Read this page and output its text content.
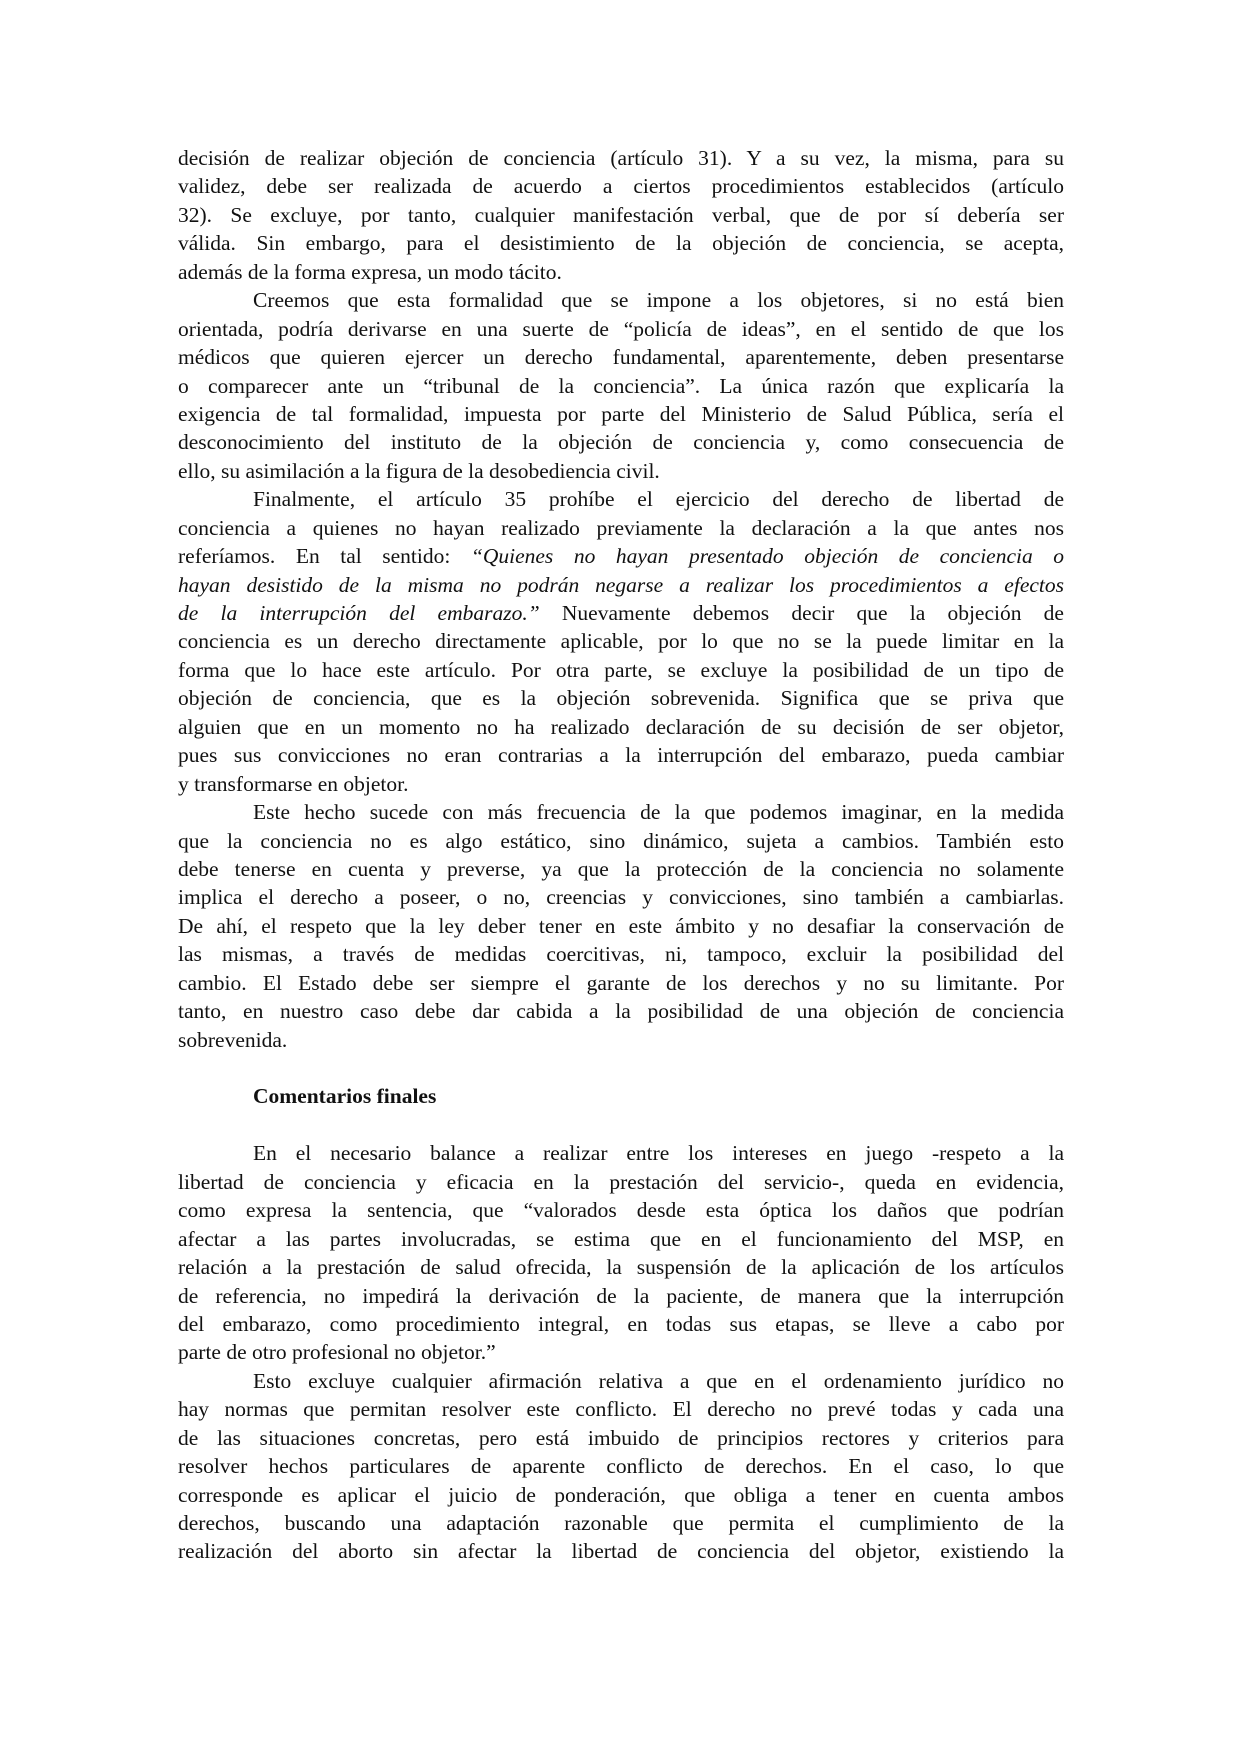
decisión de realizar objeción de conciencia (artículo 31). Y a su vez, la misma, para su
validez, debe ser realizada de acuerdo a ciertos procedimientos establecidos (artículo
32). Se excluye, por tanto, cualquier manifestación verbal, que de por sí debería ser
válida. Sin embargo, para el desistimiento de la objeción de conciencia, se acepta,
además de la forma expresa, un modo tácito.
Creemos que esta formalidad que se impone a los objetores, si no está bien
orientada, podría derivarse en una suerte de “policía de ideas”, en el sentido de que los
médicos que quieren ejercer un derecho fundamental, aparentemente, deben presentarse
o comparecer ante un “tribunal de la conciencia”. La única razón que explicaría la
exigencia de tal formalidad, impuesta por parte del Ministerio de Salud Pública, sería el
desconocimiento del instituto de la objeción de conciencia y, como consecuencia de
ello, su asimilación a la figura de la desobediencia civil.
Finalmente, el artículo 35 prohíbe el ejercicio del derecho de libertad de
conciencia a quienes no hayan realizado previamente la declaración a la que antes nos
referíamos. En tal sentido: “Quienes no hayan presentado objeción de conciencia o
hayan desistido de la misma no podrán negarse a realizar los procedimientos a efectos
de la interrupción del embarazo.” Nuevamente debemos decir que la objeción de
conciencia es un derecho directamente aplicable, por lo que no se la puede limitar en la
forma que lo hace este artículo. Por otra parte, se excluye la posibilidad de un tipo de
objeción de conciencia, que es la objeción sobrevenida. Significa que se priva que
alguien que en un momento no ha realizado declaración de su decisión de ser objetor,
pues sus convicciones no eran contrarias a la interrupción del embarazo, pueda cambiar
y transformarse en objetor.
Este hecho sucede con más frecuencia de la que podemos imaginar, en la medida
que la conciencia no es algo estático, sino dinámico, sujeta a cambios. También esto
debe tenerse en cuenta y preverse, ya que la protección de la conciencia no solamente
implica el derecho a poseer, o no, creencias y convicciones, sino también a cambiarlas.
De ahí, el respeto que la ley deber tener en este ámbito y no desafiar la conservación de
las mismas, a través de medidas coercitivas, ni, tampoco, excluir la posibilidad del
cambio. El Estado debe ser siempre el garante de los derechos y no su limitante. Por
tanto, en nuestro caso debe dar cabida a la posibilidad de una objeción de conciencia
sobrevenida.
Comentarios finales
En el necesario balance a realizar entre los intereses en juego -respeto a la
libertad de conciencia y eficacia en la prestación del servicio-, queda en evidencia,
como expresa la sentencia, que “valorados desde esta óptica los daños que podrían
afectar a las partes involucradas, se estima que en el funcionamiento del MSP, en
relación a la prestación de salud ofrecida, la suspensión de la aplicación de los artículos
de referencia, no impedirá la derivación de la paciente, de manera que la interrupción
del embarazo, como procedimiento integral, en todas sus etapas, se lleve a cabo por
parte de otro profesional no objetor.”
Esto excluye cualquier afirmación relativa a que en el ordenamiento jurídico no
hay normas que permitan resolver este conflicto. El derecho no prevé todas y cada una
de las situaciones concretas, pero está imbuido de principios rectores y criterios para
resolver hechos particulares de aparente conflicto de derechos. En el caso, lo que
corresponde es aplicar el juicio de ponderación, que obliga a tener en cuenta ambos
derechos, buscando una adaptación razonable que permita el cumplimiento de la
realización del aborto sin afectar la libertad de conciencia del objetor, existiendo la
